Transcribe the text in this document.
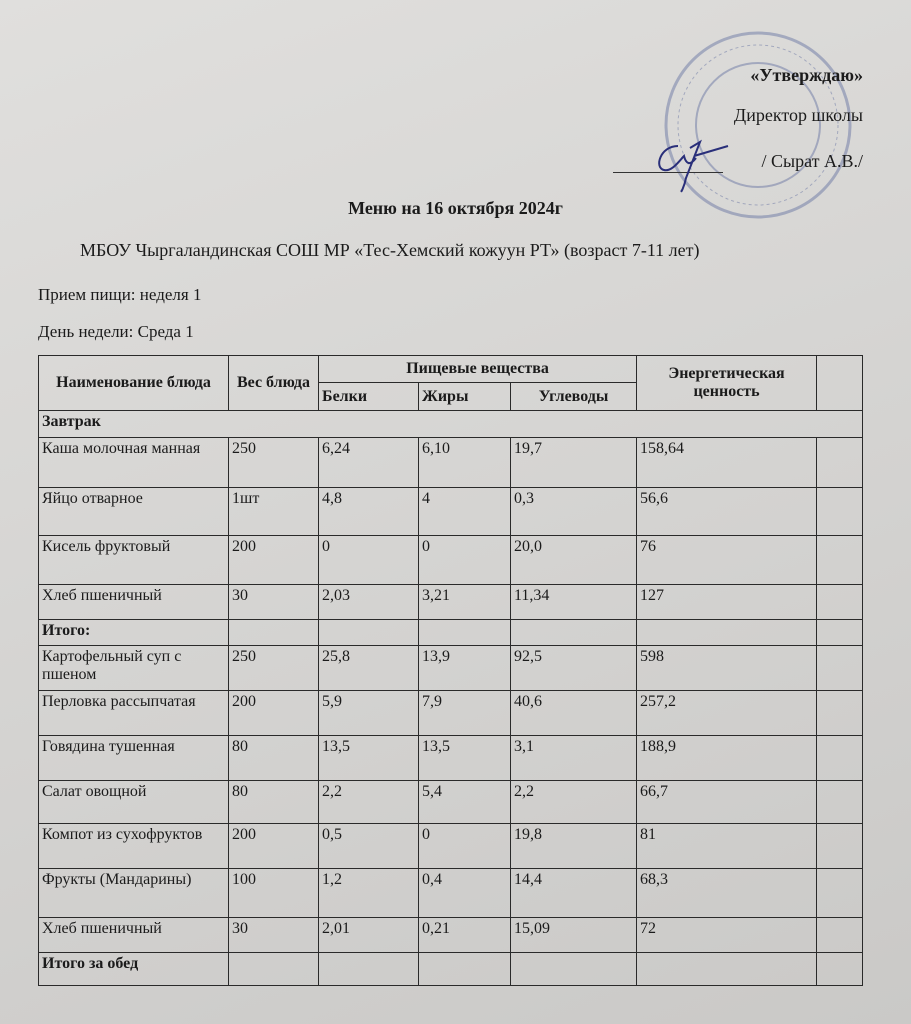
«Утверждаю»
Директор школы
/ Сырат А.В./
Меню на 16 октября 2024г
МБОУ Чыргаландинская СОШ МР «Тес-Хемский кожуун РТ» (возраст 7-11 лет)
Прием пищи: неделя 1
День недели: Среда 1
Наименование блюда	Вес блюда	Пищевые вещества			Энергетическая ценность	
		Белки	Жиры	Углеводы		
Завтрак						
Каша молочная манная	250	6,24	6,10	19,7	158,64	
Яйцо отварное	1шт	4,8	4	0,3	56,6	
Кисель фруктовый	200	0	0	20,0	76	
Хлеб пшеничный	30	2,03	3,21	11,34	127	
Итого:						
Картофельный суп с пшеном	250	25,8	13,9	92,5	598	
Перловка рассыпчатая	200	5,9	7,9	40,6	257,2	
Говядина тушенная	80	13,5	13,5	3,1	188,9	
Салат овощной	80	2,2	5,4	2,2	66,7	
Компот из сухофруктов	200	0,5	0	19,8	81	
Фрукты (Мандарины)	100	1,2	0,4	14,4	68,3	
Хлеб пшеничный	30	2,01	0,21	15,09	72	
Итого за обед						
